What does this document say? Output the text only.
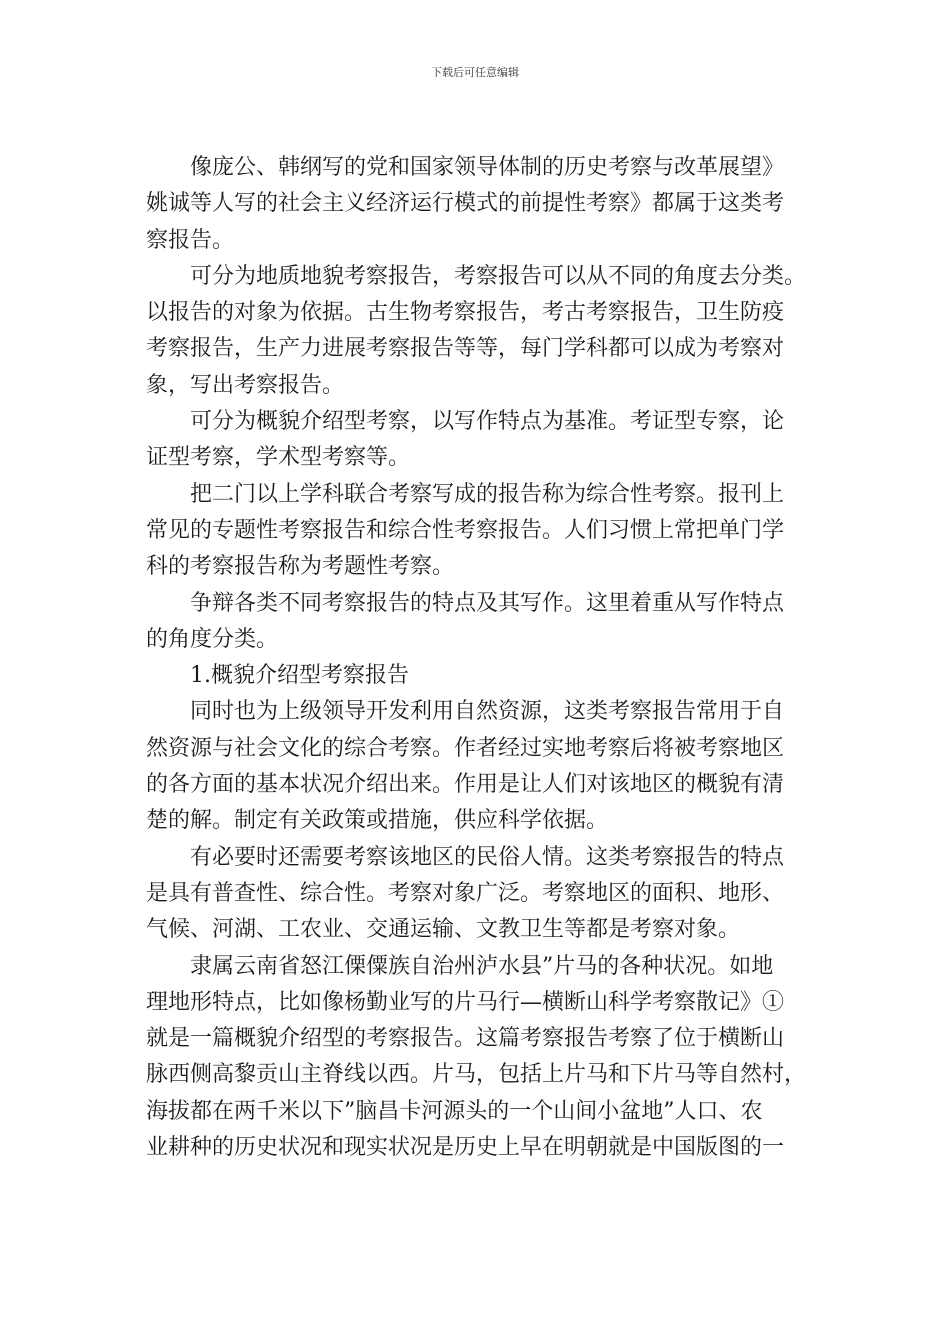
下载后可任意编辑
像庞公、韩纲写的党和国家领导体制的历史考察与改革展望》
姚诚等人写的社会主义经济运行模式的前提性考察》都属于这类考
察报告。
可分为地质地貌考察报告，考察报告可以从不同的角度去分类。
以报告的对象为依据。古生物考察报告，考古考察报告，卫生防疫
考察报告，生产力进展考察报告等等，每门学科都可以成为考察对
象，写出考察报告。
可分为概貌介绍型考察，以写作特点为基准。考证型专察，论
证型考察，学术型考察等。
把二门以上学科联合考察写成的报告称为综合性考察。报刊上
常见的专题性考察报告和综合性考察报告。人们习惯上常把单门学
科的考察报告称为考题性考察。
争辩各类不同考察报告的特点及其写作。这里着重从写作特点
的角度分类。
1.概貌介绍型考察报告
同时也为上级领导开发利用自然资源，这类考察报告常用于自
然资源与社会文化的综合考察。作者经过实地考察后将被考察地区
的各方面的基本状况介绍出来。作用是让人们对该地区的概貌有清
楚的解。制定有关政策或措施，供应科学依据。
有必要时还需要考察该地区的民俗人情。这类考察报告的特点
是具有普查性、综合性。考察对象广泛。考察地区的面积、地形、
气候、河湖、工农业、交通运输、文教卫生等都是考察对象。
隶属云南省怒江傈僳族自治州泸水县”片马的各种状况。如地
理地形特点，比如像杨勤业写的片马行—横断山科学考察散记》①
就是一篇概貌介绍型的考察报告。这篇考察报告考察了位于横断山
脉西侧高黎贡山主脊线以西。片马，包括上片马和下片马等自然村，
海拔都在两千米以下”脑昌卡河源头的一个山间小盆地”人口、农
业耕种的历史状况和现实状况是历史上早在明朝就是中国版图的一
